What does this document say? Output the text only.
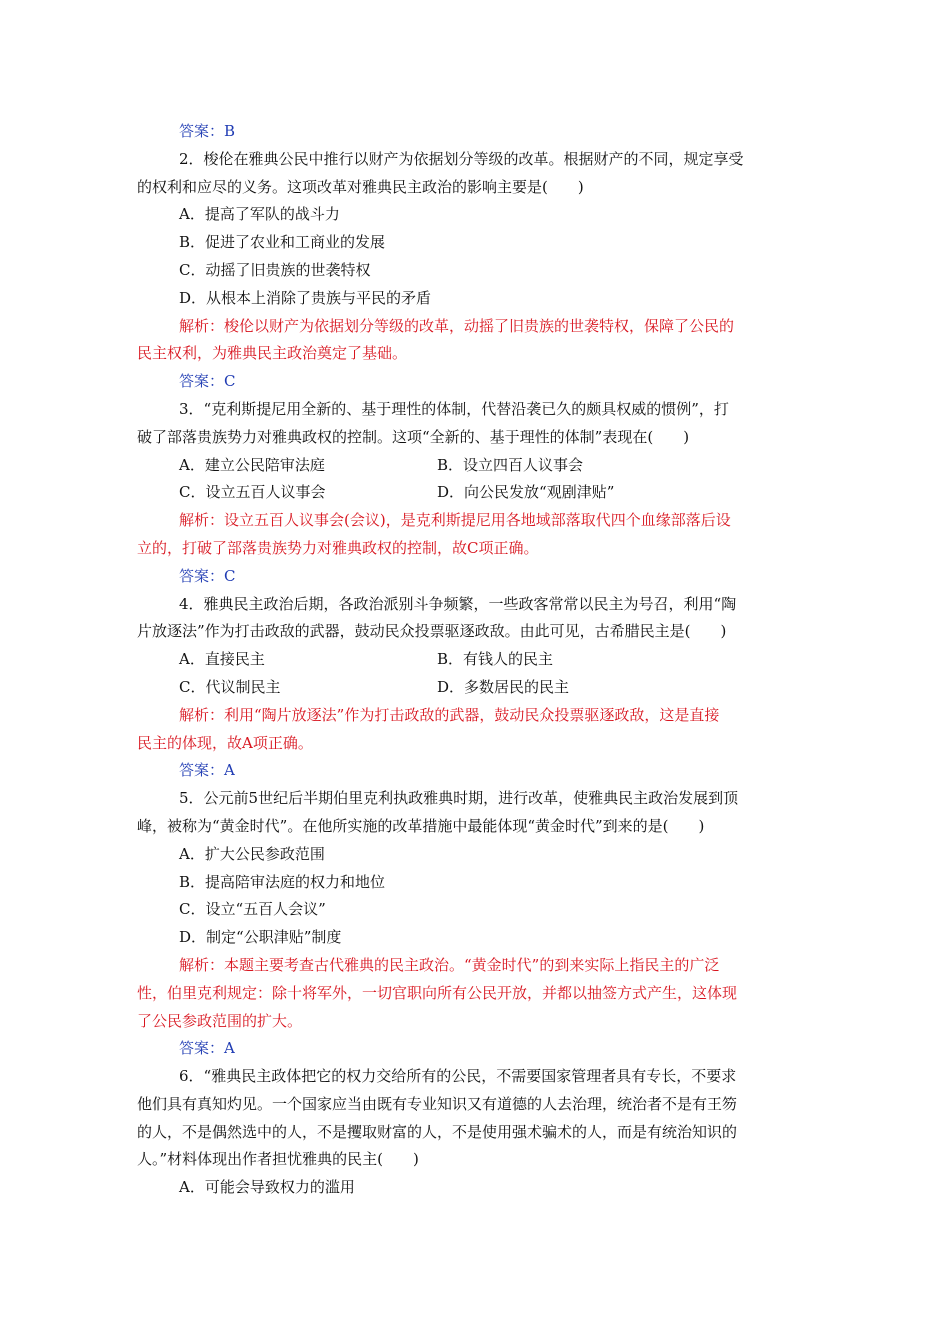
答案：B
2．梭伦在雅典公民中推行以财产为依据划分等级的改革。根据财产的不同，规定享受
的权利和应尽的义务。这项改革对雅典民主政治的影响主要是(　　)
A．提高了军队的战斗力
B．促进了农业和工商业的发展
C．动摇了旧贵族的世袭特权
D．从根本上消除了贵族与平民的矛盾
解析：梭伦以财产为依据划分等级的改革，动摇了旧贵族的世袭特权，保障了公民的
民主权利，为雅典民主政治奠定了基础。
答案：C
3．“克利斯提尼用全新的、基于理性的体制，代替沿袭已久的颇具权威的惯例”，打
破了部落贵族势力对雅典政权的控制。这项“全新的、基于理性的体制”表现在(　　)
A．建立公民陪审法庭	B．设立四百人议事会
C．设立五百人议事会	D．向公民发放“观剧津贴”
解析：设立五百人议事会(会议)，是克利斯提尼用各地域部落取代四个血缘部落后设
立的，打破了部落贵族势力对雅典政权的控制，故C项正确。
答案：C
4．雅典民主政治后期，各政治派别斗争频繁，一些政客常常以民主为号召，利用“陶
片放逐法”作为打击政敌的武器，鼓动民众投票驱逐政敌。由此可见，古希腊民主是(　　)
A．直接民主	B．有钱人的民主
C．代议制民主	D．多数居民的民主
解析：利用“陶片放逐法”作为打击政敌的武器，鼓动民众投票驱逐政敌，这是直接
民主的体现，故A项正确。
答案：A
5．公元前5世纪后半期伯里克利执政雅典时期，进行改革，使雅典民主政治发展到顶
峰，被称为“黄金时代”。在他所实施的改革措施中最能体现“黄金时代”到来的是(　　)
A．扩大公民参政范围
B．提高陪审法庭的权力和地位
C．设立“五百人会议”
D．制定“公职津贴”制度
解析：本题主要考查古代雅典的民主政治。“黄金时代”的到来实际上指民主的广泛
性，伯里克利规定：除十将军外，一切官职向所有公民开放，并都以抽签方式产生，这体现
了公民参政范围的扩大。
答案：A
6．“雅典民主政体把它的权力交给所有的公民，不需要国家管理者具有专长，不要求
他们具有真知灼见。一个国家应当由既有专业知识又有道德的人去治理，统治者不是有王笏
的人，不是偶然选中的人，不是攫取财富的人，不是使用强术骗术的人，而是有统治知识的
人。”材料体现出作者担忧雅典的民主(　　)
A．可能会导致权力的滥用
